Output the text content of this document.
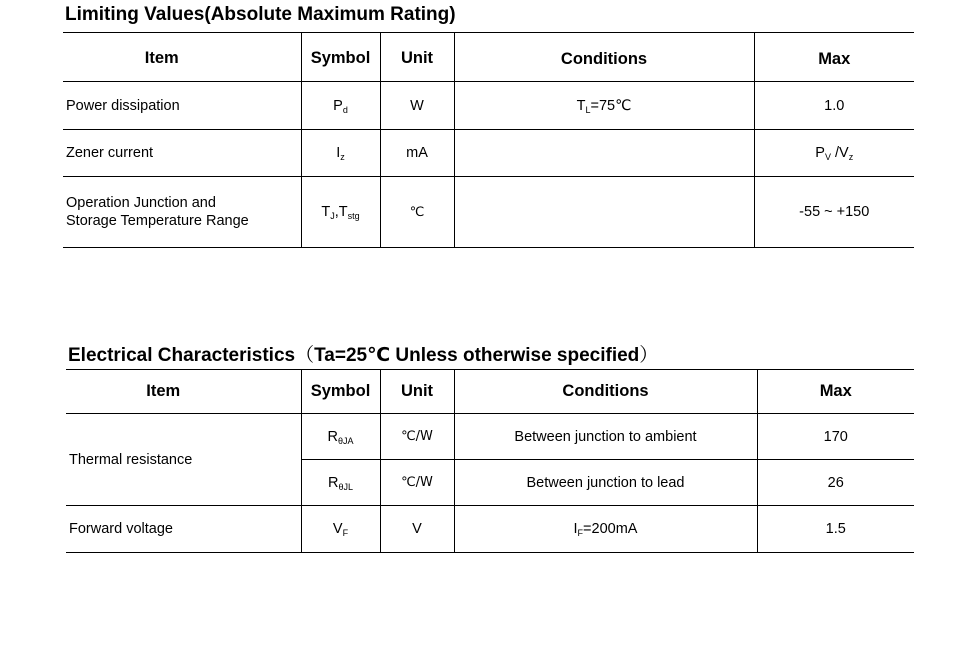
Limiting Values(Absolute Maximum Rating)
Item	Symbol	Unit	Conditions	Max
Power dissipation	$P_d$	W	$T_L=75℃$	1.0
Zener current	$I_z$	mA		$P_V$ $/V_z$
Operation Junction and
Storage Temperature Range	$T_J,T_{stg}$	℃		-55 ~ +150
Electrical Characteristics（Ta=25℃ Unless otherwise specified）
Item	Symbol	Unit	Conditions	Max
Thermal resistance	$R_{\theta JA}$	℃/W	Between junction to ambient	170
	$R_{\theta JL}$	℃/W	Between junction to lead	26
Forward voltage	$V_F$	V	$I_F=200mA$	1.5
